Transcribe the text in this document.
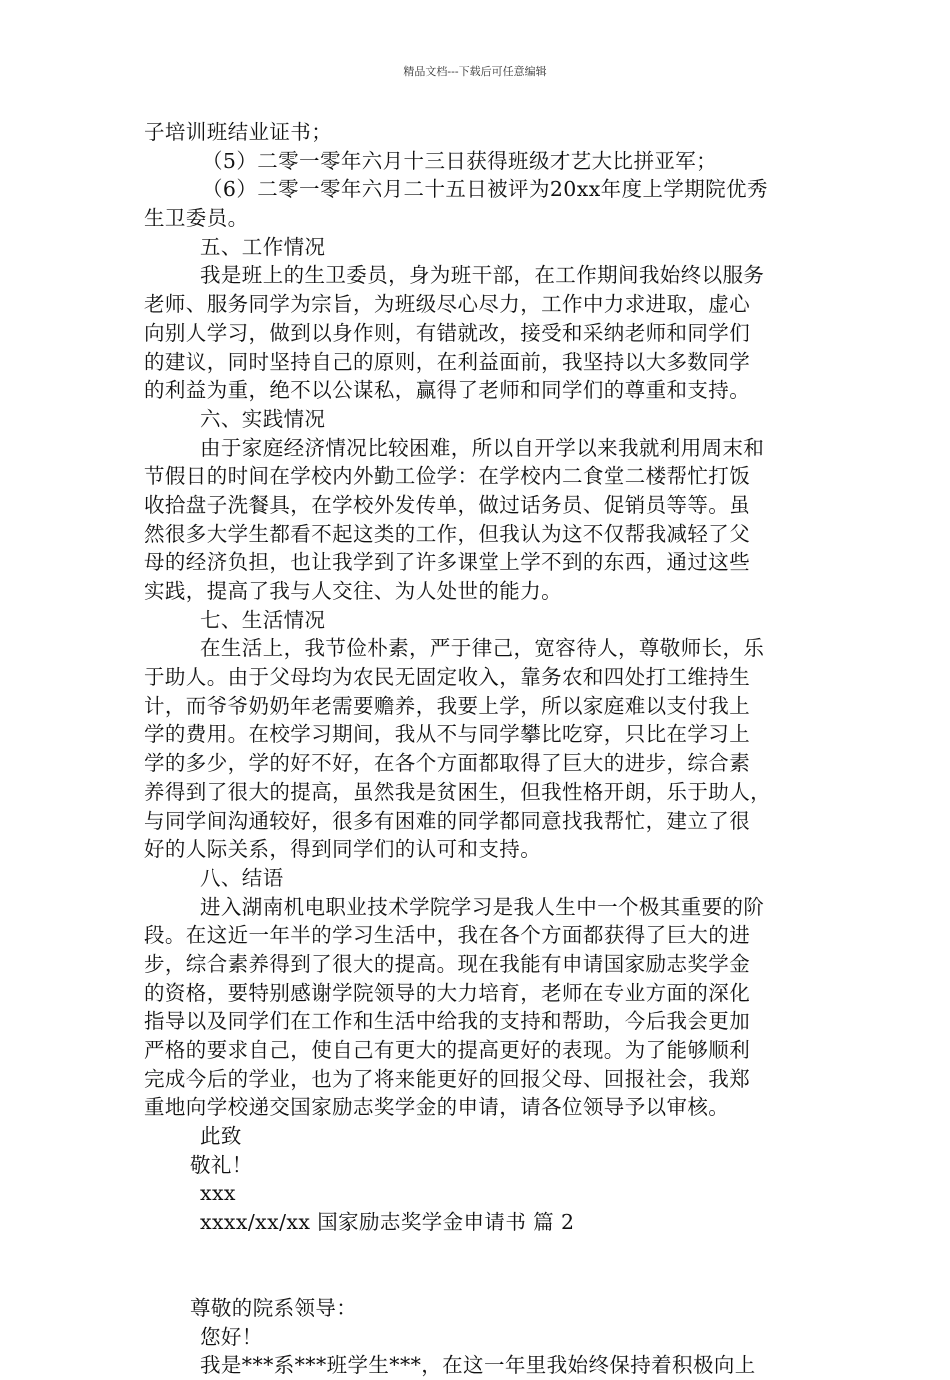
精品文档---下载后可任意编辑
子培训班结业证书；
（5）二零一零年六月十三日获得班级才艺大比拼亚军；
（6）二零一零年六月二十五日被评为20xx年度上学期院优秀
生卫委员。
五、工作情况
我是班上的生卫委员，身为班干部，在工作期间我始终以服务
老师、服务同学为宗旨，为班级尽心尽力，工作中力求进取，虚心
向别人学习，做到以身作则，有错就改，接受和采纳老师和同学们
的建议，同时坚持自己的原则，在利益面前，我坚持以大多数同学
的利益为重，绝不以公谋私，赢得了老师和同学们的尊重和支持。
六、实践情况
由于家庭经济情况比较困难，所以自开学以来我就利用周末和
节假日的时间在学校内外勤工俭学：在学校内二食堂二楼帮忙打饭
收拾盘子洗餐具，在学校外发传单，做过话务员、促销员等等。虽
然很多大学生都看不起这类的工作，但我认为这不仅帮我减轻了父
母的经济负担，也让我学到了许多课堂上学不到的东西，通过这些
实践，提高了我与人交往、为人处世的能力。
七、生活情况
在生活上，我节俭朴素，严于律己，宽容待人，尊敬师长，乐
于助人。由于父母均为农民无固定收入，靠务农和四处打工维持生
计，而爷爷奶奶年老需要赡养，我要上学，所以家庭难以支付我上
学的费用。在校学习期间，我从不与同学攀比吃穿，只比在学习上
学的多少，学的好不好，在各个方面都取得了巨大的进步，综合素
养得到了很大的提高，虽然我是贫困生，但我性格开朗，乐于助人，
与同学间沟通较好，很多有困难的同学都同意找我帮忙，建立了很
好的人际关系，得到同学们的认可和支持。
八、结语
进入湖南机电职业技术学院学习是我人生中一个极其重要的阶
段。在这近一年半的学习生活中，我在各个方面都获得了巨大的进
步，综合素养得到了很大的提高。现在我能有申请国家励志奖学金
的资格，要特别感谢学院领导的大力培育，老师在专业方面的深化
指导以及同学们在工作和生活中给我的支持和帮助，今后我会更加
严格的要求自己，使自己有更大的提高更好的表现。为了能够顺利
完成今后的学业，也为了将来能更好的回报父母、回报社会，我郑
重地向学校递交国家励志奖学金的申请，请各位领导予以审核。
此致
敬礼！
xxx
xxxx/xx/xx 国家励志奖学金申请书 篇 2
尊敬的院系领导：
您好！
我是***系***班学生***，在这一年里我始终保持着积极向上
